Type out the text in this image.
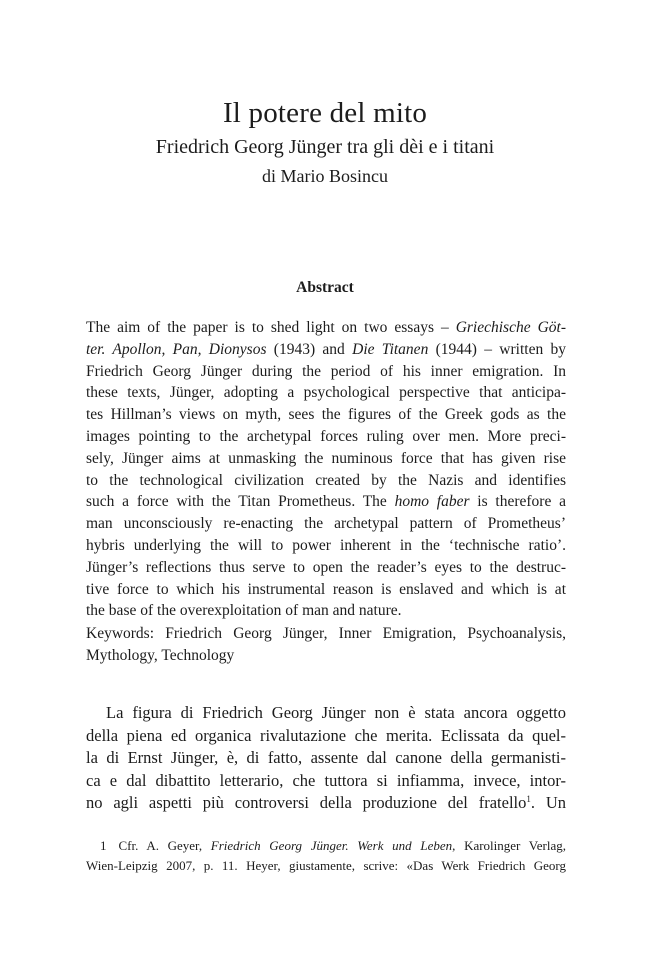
Il potere del mito
Friedrich Georg Jünger tra gli dèi e i titani
di Mario Bosincu
Abstract
The aim of the paper is to shed light on two essays – Griechische Göt-
ter. Apollon, Pan, Dionysos (1943) and Die Titanen (1944) – written by
Friedrich Georg Jünger during the period of his inner emigration. In
these texts, Jünger, adopting a psychological perspective that anticipa-
tes Hillman’s views on myth, sees the figures of the Greek gods as the
images pointing to the archetypal forces ruling over men. More preci-
sely, Jünger aims at unmasking the numinous force that has given rise
to the technological civilization created by the Nazis and identifies
such a force with the Titan Prometheus. The homo faber is therefore a
man unconsciously re-enacting the archetypal pattern of Prometheus’
hybris underlying the will to power inherent in the ‘technische ratio’.
Jünger’s reflections thus serve to open the reader’s eyes to the destruc-
tive force to which his instrumental reason is enslaved and which is at
the base of the overexploitation of man and nature.
Keywords: Friedrich Georg Jünger, Inner Emigration, Psychoanalysis,
Mythology, Technology
La figura di Friedrich Georg Jünger non è stata ancora oggetto
della piena ed organica rivalutazione che merita. Eclissata da quel-
la di Ernst Jünger, è, di fatto, assente dal canone della germanisti-
ca e dal dibattito letterario, che tuttora si infiamma, invece, intor-
no agli aspetti più controversi della produzione del fratello$^1$. Un
1 Cfr. A. Geyer, Friedrich Georg Jünger. Werk und Leben, Karolinger Verlag,
Wien-Leipzig 2007, p. 11. Heyer, giustamente, scrive: «Das Werk Friedrich Georg
